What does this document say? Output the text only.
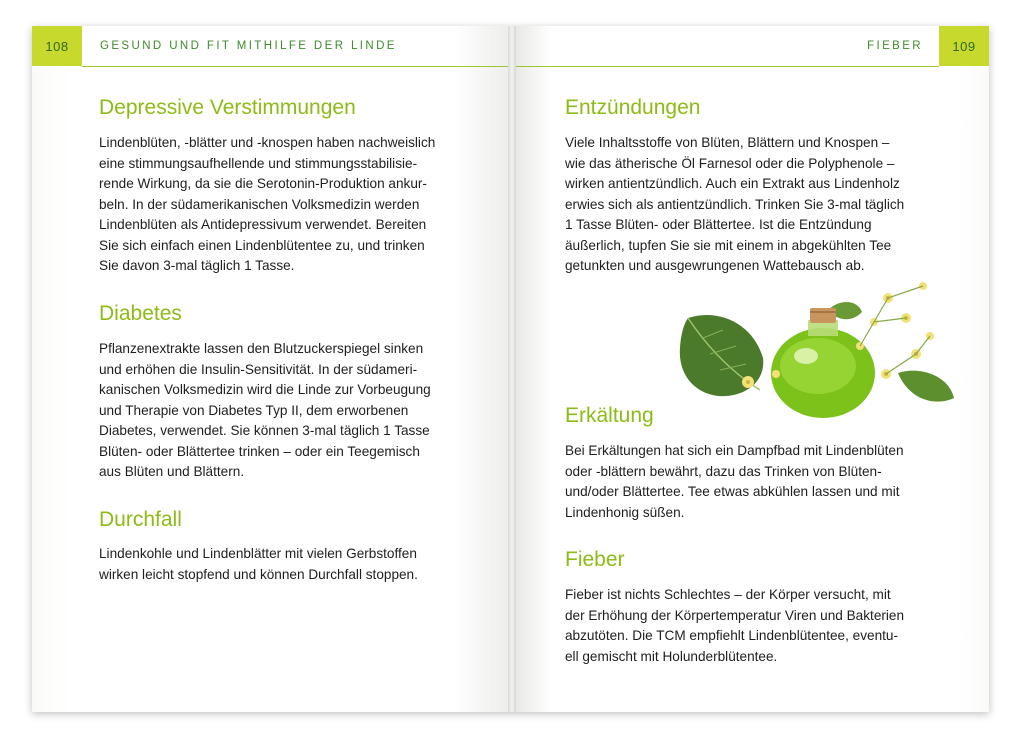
108	GESUND UND FIT MITHILFE DER LINDE
Depressive Verstimmungen

Lindenblüten, -blätter und -knospen haben nachweislich
eine stimmungsaufhellende und stimmungsstabilisie-
rende Wirkung, da sie die Serotonin-Produktion ankur-
beln. In der südamerikanischen Volksmedizin werden
Lindenblüten als Antidepressivum verwendet. Bereiten
Sie sich einfach einen Lindenblütentee zu, und trinken
Sie davon 3-mal täglich 1 Tasse.

Diabetes

Pflanzenextrakte lassen den Blutzuckerspiegel sinken
und erhöhen die Insulin-Sensitivität. In der südameri-
kanischen Volksmedizin wird die Linde zur Vorbeugung
und Therapie von Diabetes Typ II, dem erworbenen
Diabetes, verwendet. Sie können 3-mal täglich 1 Tasse
Blüten- oder Blättertee trinken – oder ein Teegemisch
aus Blüten und Blättern.

Durchfall

Lindenkohle und Lindenblätter mit vielen Gerbstoffen
wirken leicht stopfend und können Durchfall stoppen.

FIEBER	109
Entzündungen

Viele Inhaltsstoffe von Blüten, Blättern und Knospen –
wie das ätherische Öl Farnesol oder die Polyphenole –
wirken antientzündlich. Auch ein Extrakt aus Lindenholz
erwies sich als antientzündlich. Trinken Sie 3-mal täglich
1 Tasse Blüten- oder Blättertee. Ist die Entzündung
äußerlich, tupfen Sie sie mit einem in abgekühlten Tee
getunkten und ausgewrungenen Wattebausch ab.

Erkältung

Bei Erkältungen hat sich ein Dampfbad mit Lindenblüten
oder -blättern bewährt, dazu das Trinken von Blüten-
und/oder Blättertee. Tee etwas abkühlen lassen und mit
Lindenhonig süßen.

Fieber

Fieber ist nichts Schlechtes – der Körper versucht, mit
der Erhöhung der Körpertemperatur Viren und Bakterien
abzutöten. Die TCM empfiehlt Lindenblütentee, eventu-
ell gemischt mit Holunderblütentee.
